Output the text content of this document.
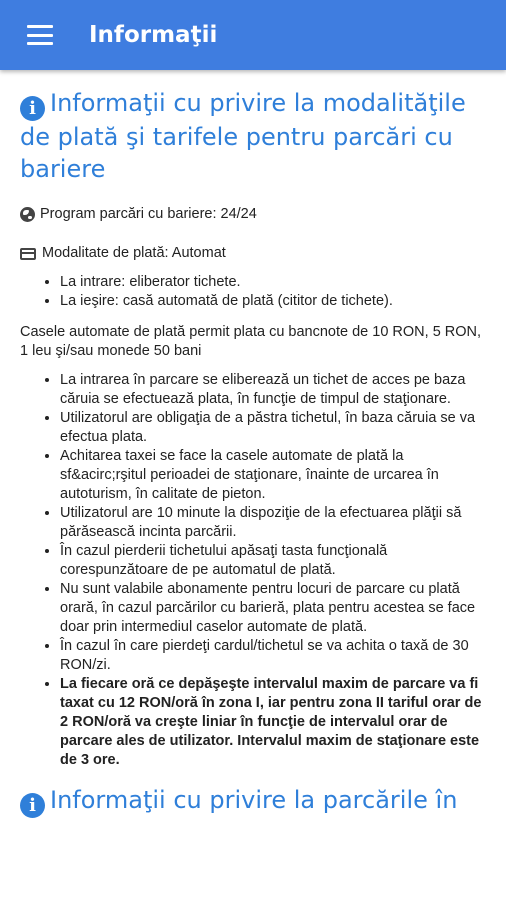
Informaţii
i Informaţii cu privire la modalităţile de plată şi tarifele pentru parcări cu bariere
Program parcări cu bariere: 24/24
Modalitate de plată: Automat
• La intrare: eliberator tichete.
• La ieşire: casă automată de plată (cititor de tichete).
Casele automate de plată permit plata cu bancnote de 10 RON, 5 RON, 1 leu şi/sau monede 50 bani
• La intrarea în parcare se eliberează un tichet de acces pe baza căruia se efectuează plata, în funcţie de timpul de staţionare.
• Utilizatorul are obligaţia de a păstra tichetul, în baza căruia se va efectua plata.
• Achitarea taxei se face la casele automate de plată la sf&acirc;rşitul perioadei de staţionare, înainte de urcarea în autoturism, în calitate de pieton.
• Utilizatorul are 10 minute la dispoziţie de la efectuarea plăţii să părăsească incinta parcării.
• În cazul pierderii tichetului apăsaţi tasta funcţională corespunzătoare de pe automatul de plată.
• Nu sunt valabile abonamente pentru locuri de parcare cu plată orară, în cazul parcărilor cu barieră, plata pentru acestea se face doar prin intermediul caselor automate de plată.
• În cazul în care pierdeţi cardul/tichetul se va achita o taxă de 30 RON/zi.
• La fiecare oră ce depăşeşte intervalul maxim de parcare va fi taxat cu 12 RON/oră în zona I, iar pentru zona II tariful orar de 2 RON/oră va creşte liniar în funcţie de intervalul orar de parcare ales de utilizator. Intervalul maxim de staţionare este de 3 ore.
i Informaţii cu privire la parcările în
